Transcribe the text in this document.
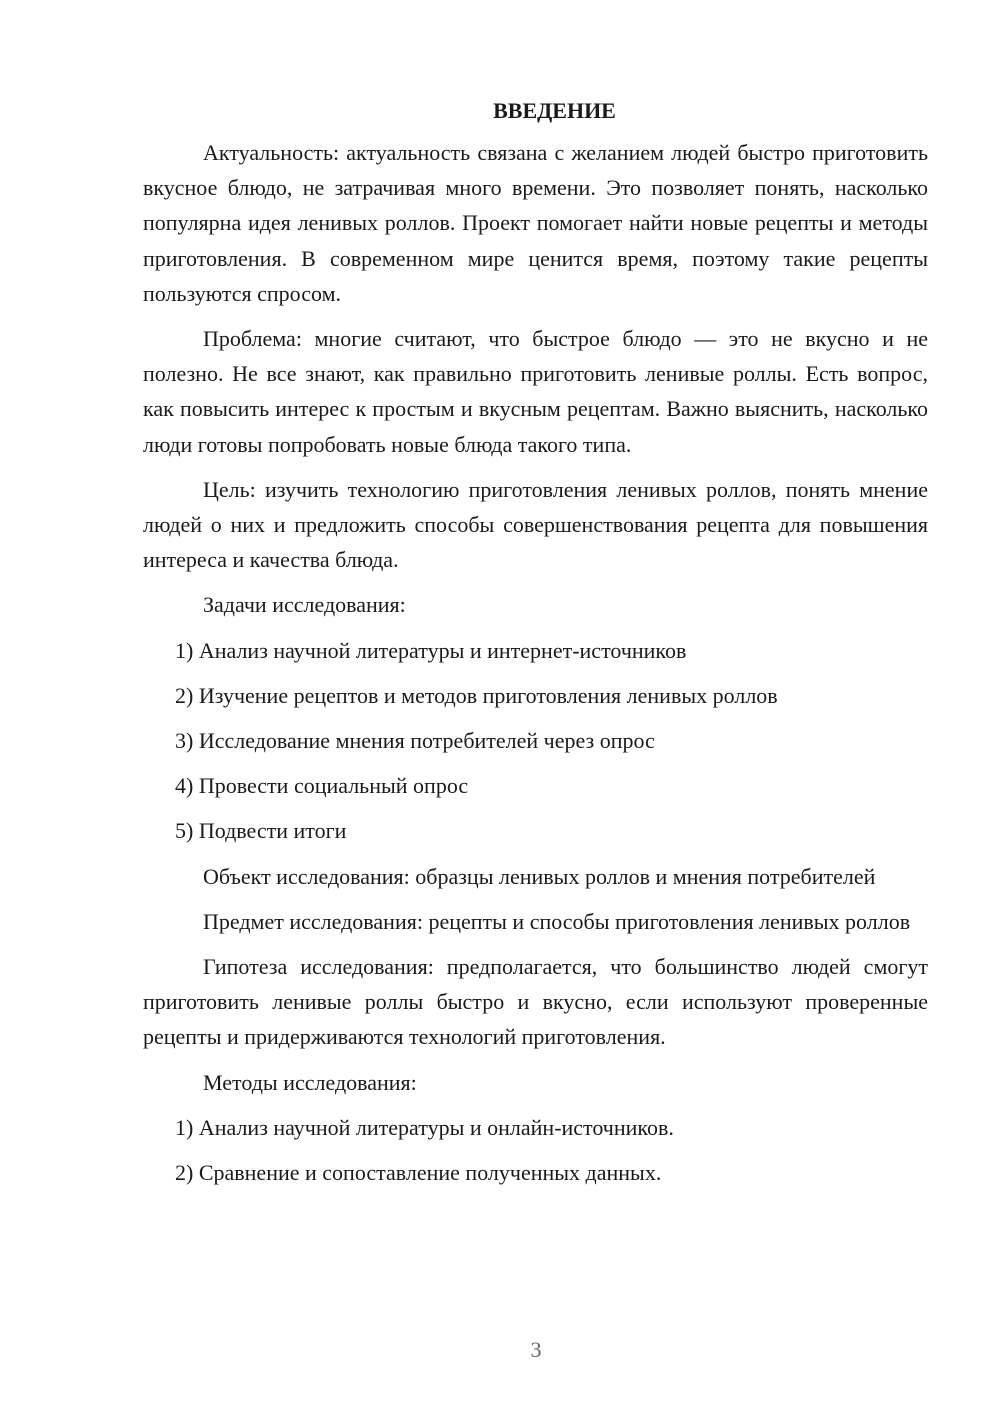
ВВЕДЕНИЕ

Актуальность: актуальность связана с желанием людей быстро приготовить вкусное блюдо, не затрачивая много времени. Это позволяет понять, насколько популярна идея ленивых роллов. Проект помогает найти новые рецепты и методы приготовления. В современном мире ценится время, поэтому такие рецепты пользуются спросом.

Проблема: многие считают, что быстрое блюдо — это не вкусно и не полезно. Не все знают, как правильно приготовить ленивые роллы. Есть вопрос, как повысить интерес к простым и вкусным рецептам. Важно выяснить, насколько люди готовы попробовать новые блюда такого типа.

Цель: изучить технологию приготовления ленивых роллов, понять мнение людей о них и предложить способы совершенствования рецепта для повышения интереса и качества блюда.

Задачи исследования:

1) Анализ научной литературы и интернет-источников

2) Изучение рецептов и методов приготовления ленивых роллов

3) Исследование мнения потребителей через опрос

4) Провести социальный опрос

5) Подвести итоги

Объект исследования: образцы ленивых роллов и мнения потребителей

Предмет исследования: рецепты и способы приготовления ленивых роллов

Гипотеза исследования: предполагается, что большинство людей смогут приготовить ленивые роллы быстро и вкусно, если используют проверенные рецепты и придерживаются технологий приготовления.

Методы исследования:

1) Анализ научной литературы и онлайн-источников.

2) Сравнение и сопоставление полученных данных.

3
